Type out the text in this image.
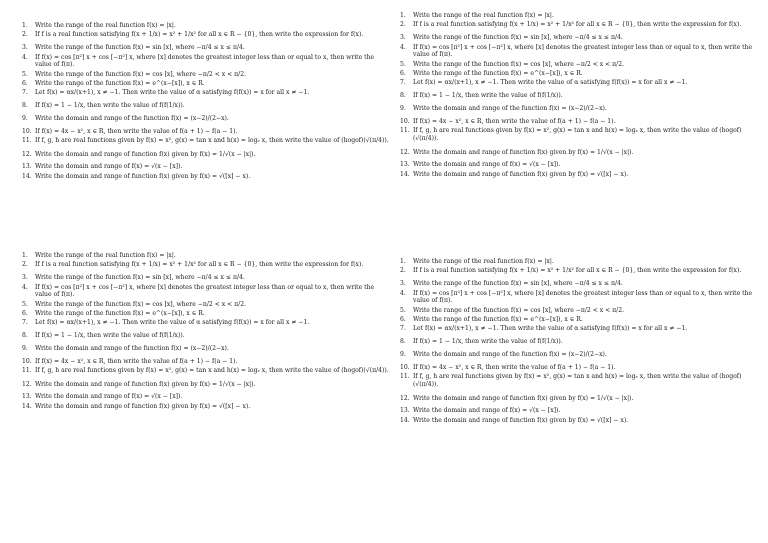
1.	Write the range of the real function f(x) = |x|.
2.	If f is a real function satisfying f(x + 1/x) = x² + 1/x² for all x ∈ R − {0}, then write the expression for f(x).
3.	Write the range of the function f(x) = sin [x], where −π/4 ≤ x ≤ π/4.
4.	If f(x) = cos [π²] x + cos [−π²] x, where [x] denotes the greatest integer less than or equal to x, then write the value of f(π).
5.	Write the range of the function f(x) = cos [x], where −π/2 < x < π/2.
6.	Write the range of the function f(x) = e^(x−[x]), x ∈ R.
7.	Let f(x) = αx/(x+1), x ≠ −1. Then write the value of α satisfying f(f(x)) = x for all x ≠ −1.
8.	If f(x) = 1 − 1/x, then write the value of f(f(1/x)).
9.	Write the domain and range of the function f(x) = (x−2)/(2−x).
10. If f(x) = 4x − x², x ∈ R, then write the value of f(a + 1) − f(a − 1).
11. If f, g, h are real functions given by f(x) = x², g(x) = tan x and h(x) = logₑ x, then write the value of (hogof)(√(π/4)).
12. Write the domain and range of function f(x) given by f(x) = 1/√(x − |x|).
13. Write the domain and range of f(x) = √(x − [x]).
14. Write the domain and range of function f(x) given by f(x) = √([x] − x).
1.	Write the range of the real function f(x) = |x|.
2.	If f is a real function satisfying f(x + 1/x) = x² + 1/x² for all x ∈ R − {0}, then write the expression for f(x).
3.	Write the range of the function f(x) = sin [x], where −π/4 ≤ x ≤ π/4.
4.	If f(x) = cos [π²] x + cos [−π²] x, where [x] denotes the greatest integer less than or equal to x, then write the value of f(π).
5.	Write the range of the function f(x) = cos [x], where −π/2 < x < π/2.
6.	Write the range of the function f(x) = e^(x−[x]), x ∈ R.
7.	Let f(x) = αx/(x+1), x ≠ −1. Then write the value of α satisfying f(f(x)) = x for all x ≠ −1.
8.	If f(x) = 1 − 1/x, then write the value of f(f(1/x)).
9.	Write the domain and range of the function f(x) = (x−2)/(2−x).
10. If f(x) = 4x − x², x ∈ R, then write the value of f(a + 1) − f(a − 1).
11. If f, g, h are real functions given by f(x) = x², g(x) = tan x and h(x) = logₑ x, then write the value of (hogof)(√(π/4)).
12. Write the domain and range of function f(x) given by f(x) = 1/√(x − |x|).
13. Write the domain and range of f(x) = √(x − [x]).
14. Write the domain and range of function f(x) given by f(x) = √([x] − x).
1.	Write the range of the real function f(x) = |x|.
2.	If f is a real function satisfying f(x + 1/x) = x² + 1/x² for all x ∈ R − {0}, then write the expression for f(x).
3.	Write the range of the function f(x) = sin [x], where −π/4 ≤ x ≤ π/4.
4.	If f(x) = cos [π²] x + cos [−π²] x, where [x] denotes the greatest integer less than or equal to x, then write the value of f(π).
5.	Write the range of the function f(x) = cos [x], where −π/2 < x < π/2.
6.	Write the range of the function f(x) = e^(x−[x]), x ∈ R.
7.	Let f(x) = αx/(x+1), x ≠ −1. Then write the value of α satisfying f(f(x)) = x for all x ≠ −1.
8.	If f(x) = 1 − 1/x, then write the value of f(f(1/x)).
9.	Write the domain and range of the function f(x) = (x−2)/(2−x).
10. If f(x) = 4x − x², x ∈ R, then write the value of f(a + 1) − f(a − 1).
11. If f, g, h are real functions given by f(x) = x², g(x) = tan x and h(x) = logₑ x, then write the value of (hogof)(√(π/4)).
12. Write the domain and range of function f(x) given by f(x) = 1/√(x − |x|).
13. Write the domain and range of f(x) = √(x − [x]).
14. Write the domain and range of function f(x) given by f(x) = √([x] − x).
1.	Write the range of the real function f(x) = |x|.
2.	If f is a real function satisfying f(x + 1/x) = x² + 1/x² for all x ∈ R − {0}, then write the expression for f(x).
3.	Write the range of the function f(x) = sin [x], where −π/4 ≤ x ≤ π/4.
4.	If f(x) = cos [π²] x + cos [−π²] x, where [x] denotes the greatest integer less than or equal to x, then write the value of f(π).
5.	Write the range of the function f(x) = cos [x], where −π/2 < x < π/2.
6.	Write the range of the function f(x) = e^(x−[x]), x ∈ R.
7.	Let f(x) = αx/(x+1), x ≠ −1. Then write the value of α satisfying f(f(x)) = x for all x ≠ −1.
8.	If f(x) = 1 − 1/x, then write the value of f(f(1/x)).
9.	Write the domain and range of the function f(x) = (x−2)/(2−x).
10. If f(x) = 4x − x², x ∈ R, then write the value of f(a + 1) − f(a − 1).
11. If f, g, h are real functions given by f(x) = x², g(x) = tan x and h(x) = logₑ x, then write the value of (hogof)(√(π/4)).
12. Write the domain and range of function f(x) given by f(x) = 1/√(x − |x|).
13. Write the domain and range of f(x) = √(x − [x]).
14. Write the domain and range of function f(x) given by f(x) = √([x] − x).
